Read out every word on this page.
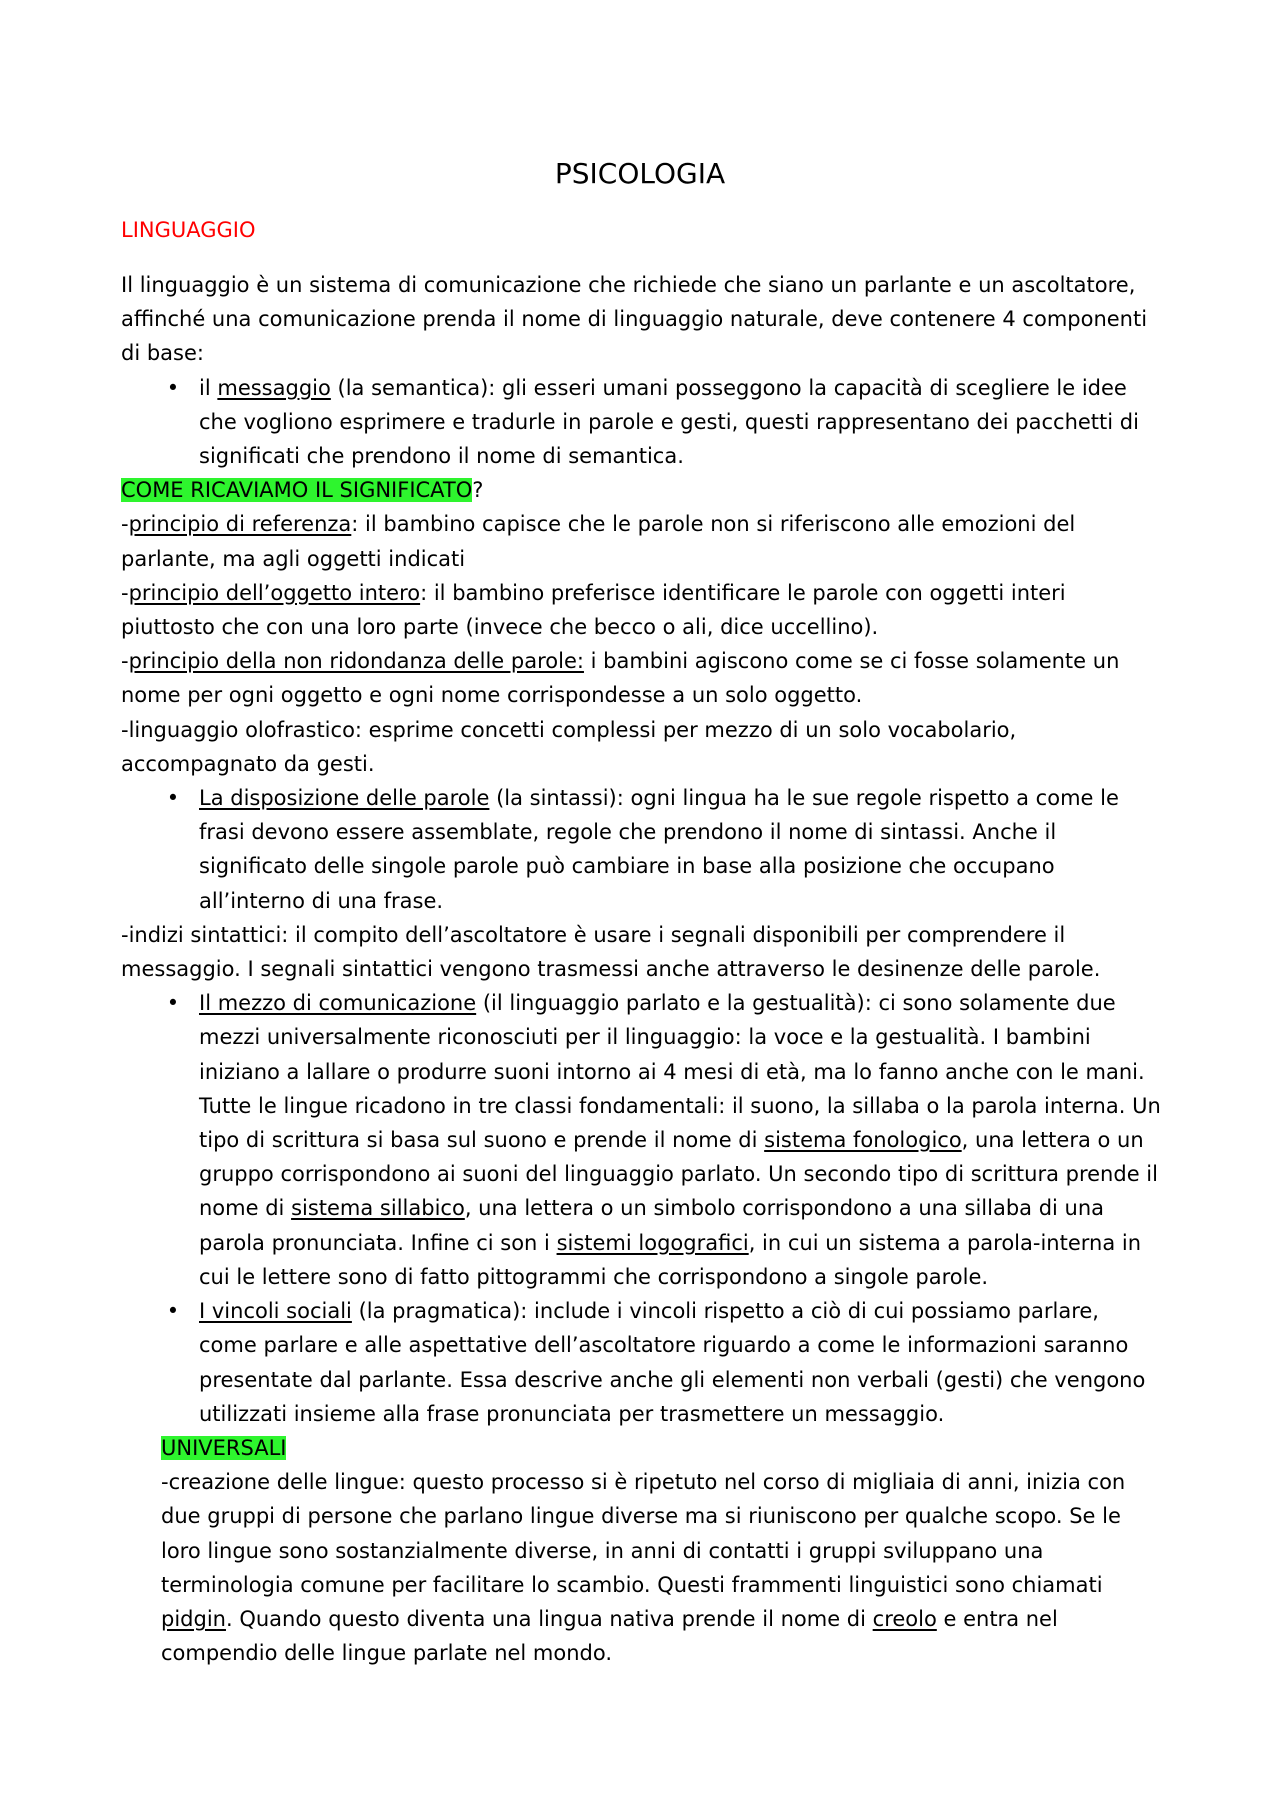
PSICOLOGIA
LINGUAGGIO

Il linguaggio è un sistema di comunicazione che richiede che siano un parlante e un ascoltatore, affinché una comunicazione prenda il nome di linguaggio naturale, deve contenere 4 componenti di base:

• il messaggio (la semantica): gli esseri umani posseggono la capacità di scegliere le idee che vogliono esprimere e tradurle in parole e gesti, questi rappresentano dei pacchetti di significati che prendono il nome di semantica.

COME RICAVIAMO IL SIGNIFICATO?

-principio di referenza: il bambino capisce che le parole non si riferiscono alle emozioni del parlante, ma agli oggetti indicati

-principio dell’oggetto intero: il bambino preferisce identificare le parole con oggetti interi piuttosto che con una loro parte (invece che becco o ali, dice uccellino).

-principio della non ridondanza delle parole: i bambini agiscono come se ci fosse solamente un nome per ogni oggetto e ogni nome corrispondesse a un solo oggetto.

-linguaggio olofrastico: esprime concetti complessi per mezzo di un solo vocabolario, accompagnato da gesti.

• La disposizione delle parole (la sintassi): ogni lingua ha le sue regole rispetto a come le frasi devono essere assemblate, regole che prendono il nome di sintassi. Anche il significato delle singole parole può cambiare in base alla posizione che occupano all’interno di una frase.

-indizi sintattici: il compito dell’ascoltatore è usare i segnali disponibili per comprendere il messaggio. I segnali sintattici vengono trasmessi anche attraverso le desinenze delle parole.

• Il mezzo di comunicazione (il linguaggio parlato e la gestualità): ci sono solamente due mezzi universalmente riconosciuti per il linguaggio: la voce e la gestualità. I bambini iniziano a lallare o produrre suoni intorno ai 4 mesi di età, ma lo fanno anche con le mani. Tutte le lingue ricadono in tre classi fondamentali: il suono, la sillaba o la parola interna. Un tipo di scrittura si basa sul suono e prende il nome di sistema fonologico, una lettera o un gruppo corrispondono ai suoni del linguaggio parlato. Un secondo tipo di scrittura prende il nome di sistema sillabico, una lettera o un simbolo corrispondono a una sillaba di una parola pronunciata. Infine ci son i sistemi logografici, in cui un sistema a parola-interna in cui le lettere sono di fatto pittogrammi che corrispondono a singole parole.
• I vincoli sociali (la pragmatica): include i vincoli rispetto a ciò di cui possiamo parlare, come parlare e alle aspettative dell’ascoltatore riguardo a come le informazioni saranno presentate dal parlante. Essa descrive anche gli elementi non verbali (gesti) che vengono utilizzati insieme alla frase pronunciata per trasmettere un messaggio.

UNIVERSALI

-creazione delle lingue: questo processo si è ripetuto nel corso di migliaia di anni, inizia con due gruppi di persone che parlano lingue diverse ma si riuniscono per qualche scopo. Se le loro lingue sono sostanzialmente diverse, in anni di contatti i gruppi sviluppano una terminologia comune per facilitare lo scambio. Questi frammenti linguistici sono chiamati pidgin. Quando questo diventa una lingua nativa prende il nome di creolo e entra nel compendio delle lingue parlate nel mondo.
